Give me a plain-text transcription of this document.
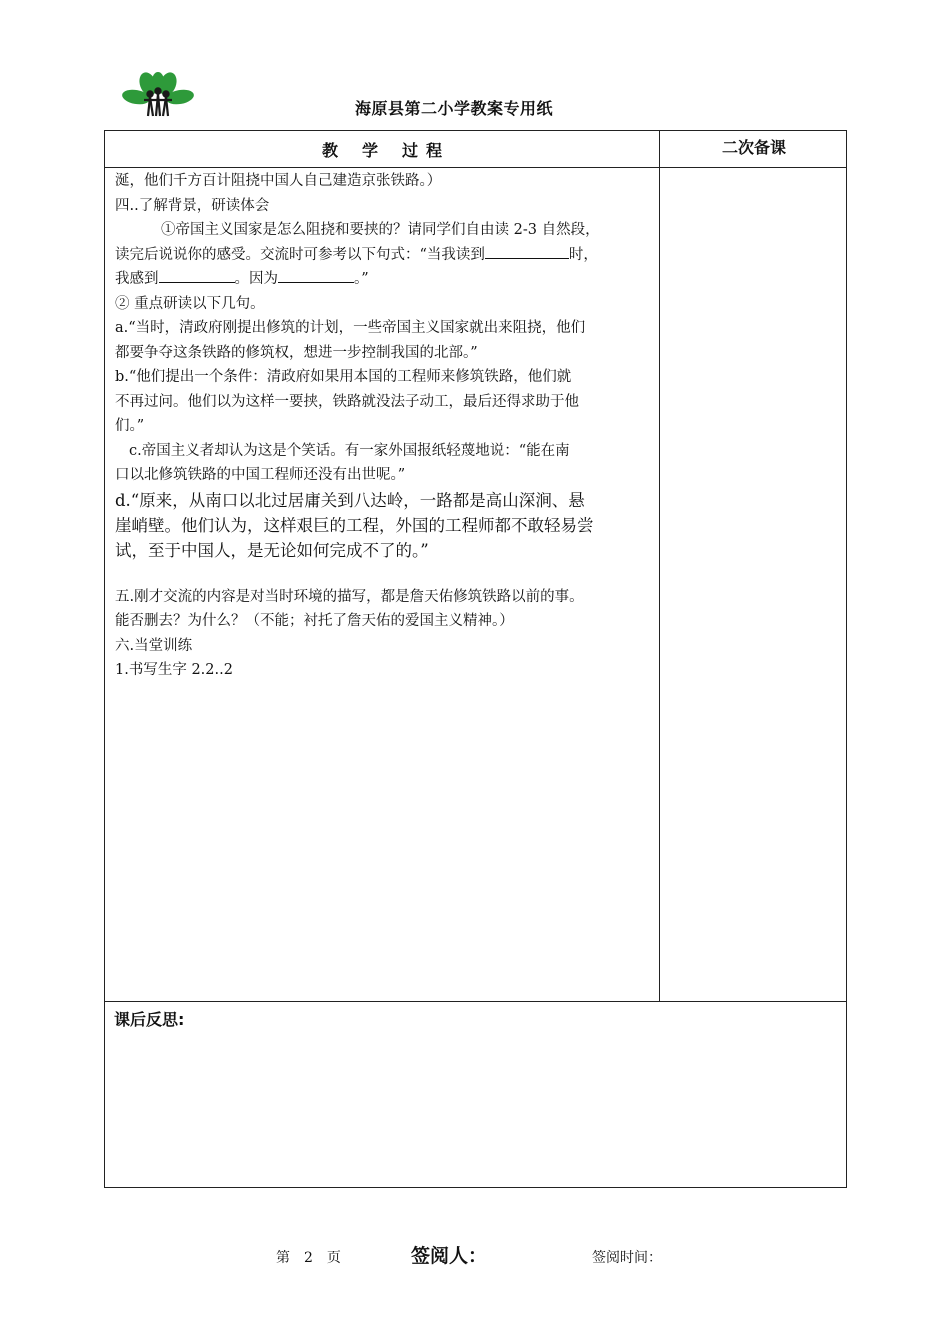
海原县第二小学教案专用纸
教 学 过 程	二次备课

涎，他们千方百计阻挠中国人自己建造京张铁路。）

四..了解背景，研读体会

①帝国主义国家是怎么阻挠和要挟的？请同学们自由读 2-3 自然段，

读完后说说你的感受。交流时可参考以下句式：“当我读到	时，

我感到	。因为	。”

② 重点研读以下几句。

a.“当时，清政府刚提出修筑的计划，一些帝国主义国家就出来阻挠，他们

都要争夺这条铁路的修筑权，想进一步控制我国的北部。”

b.“他们提出一个条件：清政府如果用本国的工程师来修筑铁路，他们就

不再过问。他们以为这样一要挟，铁路就没法子动工，最后还得求助于他

们。”

c.帝国主义者却认为这是个笑话。有一家外国报纸轻蔑地说：“能在南

口以北修筑铁路的中国工程师还没有出世呢。”

d.“原来，从南口以北过居庸关到八达岭，一路都是高山深涧、悬

崖峭壁。他们认为，这样艰巨的工程，外国的工程师都不敢轻易尝

试，至于中国人，是无论如何完成不了的。”

五.刚才交流的内容是对当时环境的描写，都是詹天佑修筑铁路以前的事。

能否删去？为什么？（不能；衬托了詹天佑的爱国主义精神。）

六.当堂训练

1.书写生字 2.2..2

课后反思:
第　2　页	签阅人：	签阅时间：
